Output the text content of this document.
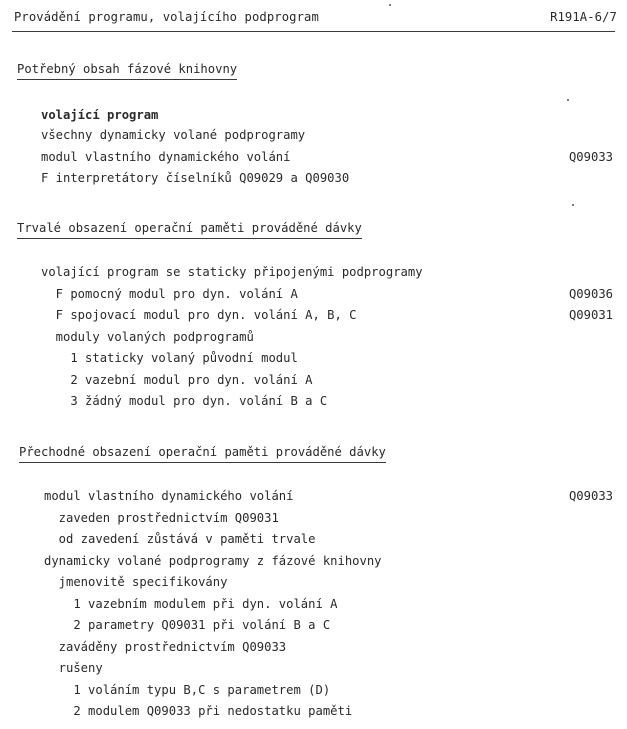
Provádění programu, volajícího podprogram	R191A-6/7
Potřebný obsah fázové knihovny
volající program
všechny dynamicky volané podprogramy
modul vlastního dynamického volání	Q09033
F interpretátory číselníků Q09029 a Q09030
Trvalé obsazení operační paměti prováděné dávky
volající program se staticky připojenými podprogramy
F pomocný modul pro dyn. volání A	Q09036
F spojovací modul pro dyn. volání A, B, C	Q09031
moduly volaných podprogramů
1 staticky volaný původní modul
2 vazební modul pro dyn. volání A
3 žádný modul pro dyn. volání B a C
Přechodné obsazení operační paměti prováděné dávky
modul vlastního dynamického volání	Q09033
zaveden prostřednictvím Q09031
od zavedení zůstává v paměti trvale
dynamicky volané podprogramy z fázové knihovny
jmenovitě specifikovány
1 vazebním modulem při dyn. volání A
2 parametry Q09031 při volání B a C
zaváděny prostřednictvím Q09033
rušeny
1 voláním typu B,C s parametrem (D)
2 modulem Q09033 při nedostatku paměti
